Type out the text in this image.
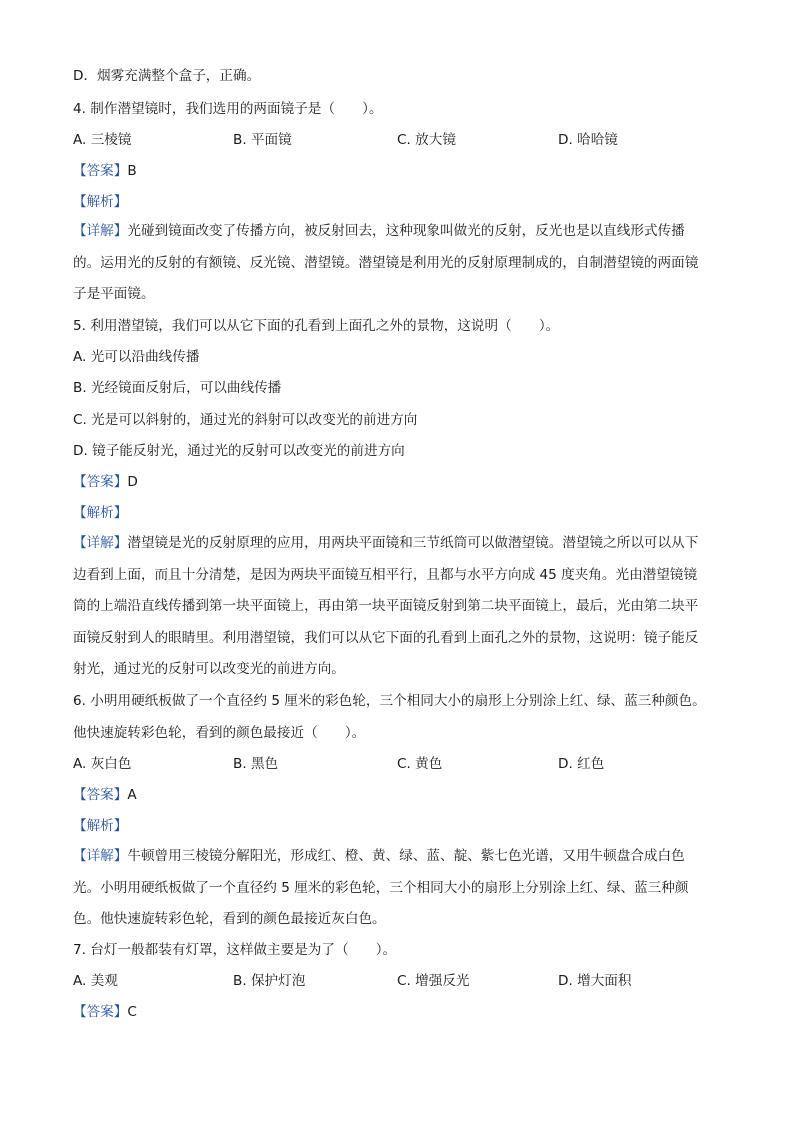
D．烟雾充满整个盒子，正确。
4. 制作潜望镜时，我们选用的两面镜子是（　　）。
A. 三棱镜	B. 平面镜	C. 放大镜	D. 哈哈镜
【答案】B
【解析】

【详解】光碰到镜面改变了传播方向，被反射回去，这种现象叫做光的反射，反光也是以直线形式传播

的。运用光的反射的有额镜、反光镜、潜望镜。潜望镜是利用光的反射原理制成的，自制潜望镜的两面镜

子是平面镜。

5. 利用潜望镜，我们可以从它下面的孔看到上面孔之外的景物，这说明（　　）。
A. 光可以沿曲线传播
B. 光经镜面反射后，可以曲线传播
C. 光是可以斜射的，通过光的斜射可以改变光的前进方向
D. 镜子能反射光，通过光的反射可以改变光的前进方向
【答案】D
【解析】

【详解】潜望镜是光的反射原理的应用，用两块平面镜和三节纸筒可以做潜望镜。潜望镜之所以可以从下

边看到上面，而且十分清楚，是因为两块平面镜互相平行，且都与水平方向成 45 度夹角。光由潜望镜镜

筒的上端沿直线传播到第一块平面镜上，再由第一块平面镜反射到第二块平面镜上，最后，光由第二块平

面镜反射到人的眼睛里。利用潜望镜，我们可以从它下面的孔看到上面孔之外的景物，这说明：镜子能反

射光，通过光的反射可以改变光的前进方向。

6. 小明用硬纸板做了一个直径约 5 厘米的彩色轮，三个相同大小的扇形上分别涂上红、绿、蓝三种颜色。

他快速旋转彩色轮，看到的颜色最接近（　　）。

A. 灰白色	B. 黑色	C. 黄色	D. 红色
【答案】A
【解析】

【详解】牛顿曾用三棱镜分解阳光，形成红、橙、黄、绿、蓝、靛、紫七色光谱，又用牛顿盘合成白色

光。小明用硬纸板做了一个直径约 5 厘米的彩色轮，三个相同大小的扇形上分别涂上红、绿、蓝三种颜

色。他快速旋转彩色轮，看到的颜色最接近灰白色。

7. 台灯一般都装有灯罩，这样做主要是为了（　　）。
A. 美观	B. 保护灯泡	C. 增强反光	D. 增大面积
【答案】C
